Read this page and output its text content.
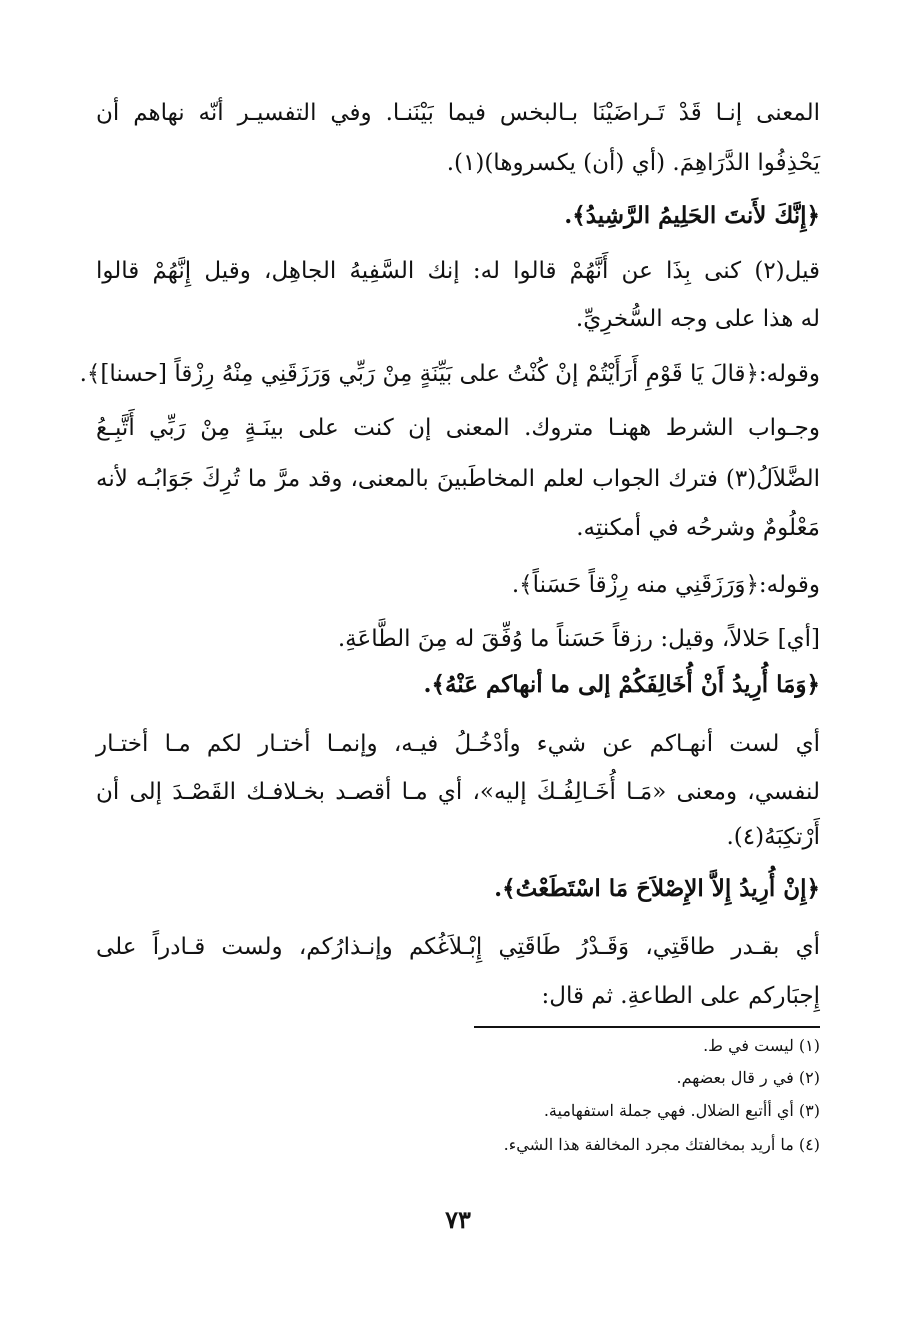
المعنى إنـا قَدْ تَـراضَيْنَا بـالبخس فيما بَيْنَنـا. وفي التفسيـر أنّه نهاهم أن
يَحْذِفُوا الدَّرَاهِمَ. (أي (أن) يكسروها)(١).
﴿إِنَّكَ لأَنتَ الحَلِيمُ الرَّشِيدُ﴾.
قيل(٢) كنى بِذَا عن أَنَّهُمْ قالوا له: إنك السَّفِيهُ الجاهِل، وقيل إِنَّهُمْ قالوا
له هذا على وجه السُّخرِيِّ.
وقوله:﴿قالَ يَا قَوْمِ أَرَأَيْتُمْ إنْ كُنْتُ على بَيِّنَةٍ مِنْ رَبِّي وَرَزَقَنِي مِنْهُ رِزْقاً [حسنا]﴾.
وجـواب الشرط ههنـا متروك. المعنى إن كنت على بينَـةٍ مِنْ رَبِّي أَتَّبِـعُ
الضَّلاَلُ(٣) فترك الجواب لعلم المخاطَبينَ بالمعنى، وقد مرَّ ما تُرِكَ جَوَابُـه لأنه
مَعْلُومٌ وشرحُه في أمكنتِه.
وقوله:﴿وَرَزَقَنِي منه رِزْقاً حَسَناً﴾.
[أي] حَلالاً، وقيل: رزقاً حَسَناً ما وُفِّقَ له مِنَ الطَّاعَةِ.
﴿وَمَا أُرِيدُ أَنْ أُخَالِفَكُمْ إلى ما أنهاكم عَنْهُ﴾.
أي لست أنهـاكم عن شيء وأدْخُـلُ فيـه، وإنمـا أختـار لكم مـا أختـار
لنفسي، ومعنى «مَـا أُخَـالِفُـكَ إليه»، أي مـا أقصـد بخـلافـك القَصْـدَ إلى أن
أَرْتكِبَهُ(٤).
﴿إِنْ أُرِيدُ إِلاَّ الإِصْلاَحَ مَا اسْتَطَعْتُ﴾.
أي بقـدر طاقَتِي، وَقَـدْرُ طَاقَتِي إِبْـلاَغُكم وإنـذارُكم، ولست قـادراً على
إِجبَاركم على الطاعةِ. ثم قال:
(١) ليست في ط.
(٢) في ر قال بعضهم.
(٣) أي أأتبع الضلال. فهي جملة استفهامية.
(٤) ما أريد بمخالفتك مجرد المخالفة هذا الشيء.
٧٣
